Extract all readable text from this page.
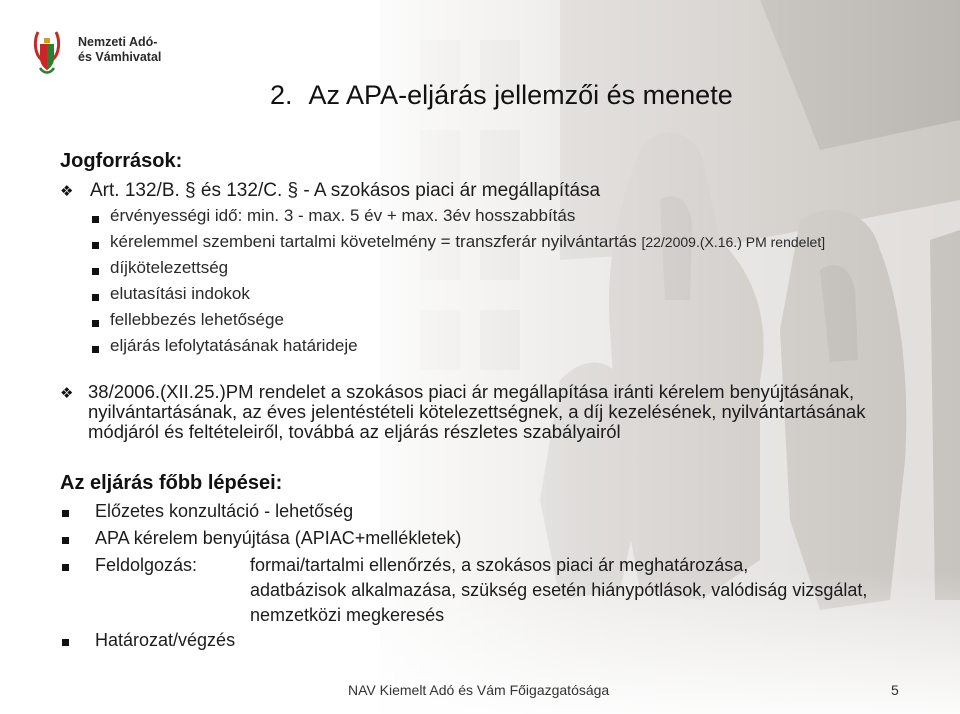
Nemzeti Adó-
és Vámhivatal
2. Az APA-eljárás jellemzői és menete
Jogforrások:
❖ Art. 132/B. § és 132/C. § - A szokásos piaci ár megállapítása
érvényességi idő: min. 3 - max. 5 év + max. 3év hosszabbítás
kérelemmel szembeni tartalmi követelmény = transzferár nyilvántartás [22/2009.(X.16.) PM rendelet]
díjkötelezettség
elutasítási indokok
fellebbezés lehetősége
eljárás lefolytatásának határideje
❖ 38/2006.(XII.25.)PM rendelet a szokásos piaci ár megállapítása iránti kérelem benyújtásának,
nyilvántartásának, az éves jelentéstételi kötelezettségnek, a díj kezelésének, nyilvántartásának
módjáról és feltételeiről, továbbá az eljárás részletes szabályairól
Az eljárás főbb lépései:
Előzetes konzultáció - lehetőség
APA kérelem benyújtása (APIAC+mellékletek)
Feldolgozás:	formai/tartalmi ellenőrzés, a szokásos piaci ár meghatározása,
adatbázisok alkalmazása, szükség esetén hiánypótlások, valódiság vizsgálat,
nemzetközi megkeresés
Határozat/végzés
NAV Kiemelt Adó és Vám Főigazgatósága	5
